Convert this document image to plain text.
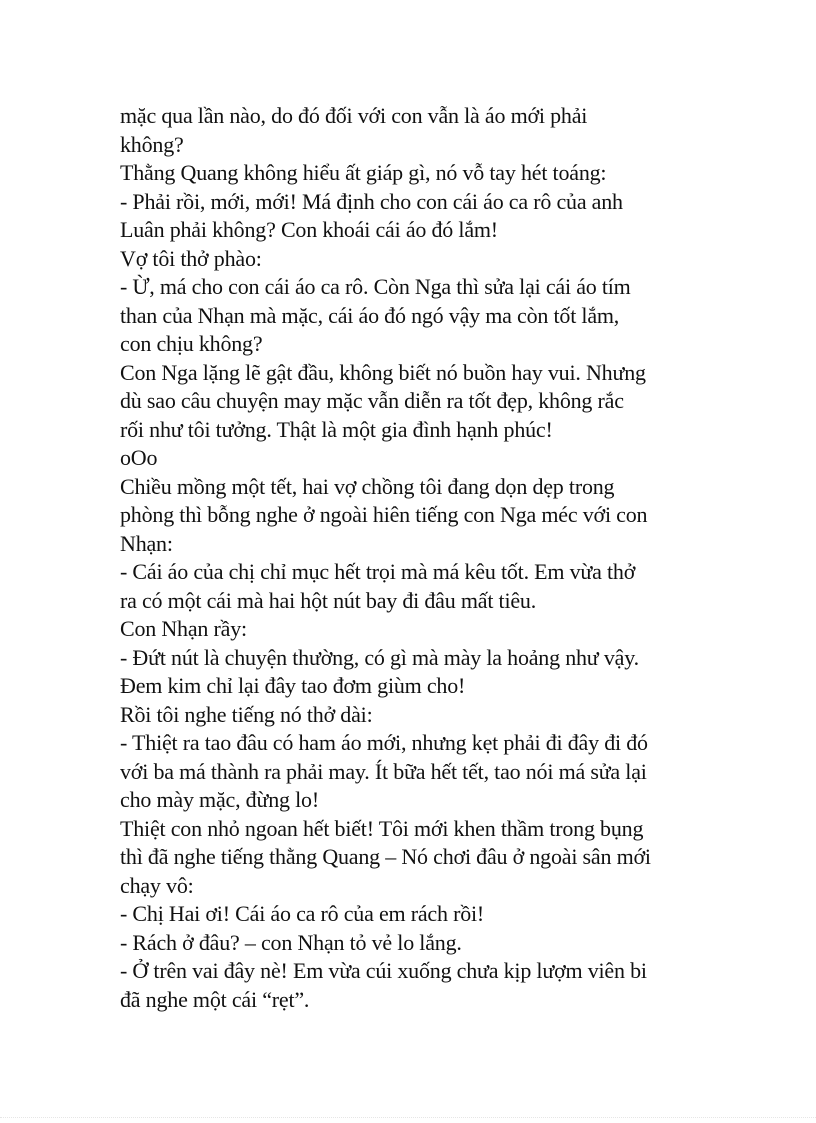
mặc qua lần nào, do đó đối với con vẫn là áo mới phải
không?
Thằng Quang không hiểu ất giáp gì, nó vỗ tay hét toáng:
- Phải rồi, mới, mới! Má định cho con cái áo ca rô của anh
Luân phải không? Con khoái cái áo đó lắm!
Vợ tôi thở phào:
- Ừ, má cho con cái áo ca rô. Còn Nga thì sửa lại cái áo tím
than của Nhạn mà mặc, cái áo đó ngó vậy ma còn tốt lắm,
con chịu không?
Con Nga lặng lẽ gật đầu, không biết nó buồn hay vui. Nhưng
dù sao câu chuyện may mặc vẫn diễn ra tốt đẹp, không rắc
rối như tôi tưởng. Thật là một gia đình hạnh phúc!
oOo
Chiều mồng một tết, hai vợ chồng tôi đang dọn dẹp trong
phòng thì bỗng nghe ở ngoài hiên tiếng con Nga méc với con
Nhạn:
- Cái áo của chị chỉ mục hết trọi mà má kêu tốt. Em vừa thở
ra có một cái mà hai hột nút bay đi đâu mất tiêu.
Con Nhạn rầy:
- Đứt nút là chuyện thường, có gì mà mày la hoảng như vậy.
Đem kim chỉ lại đây tao đơm giùm cho!
Rồi tôi nghe tiếng nó thở dài:
- Thiệt ra tao đâu có ham áo mới, nhưng kẹt phải đi đây đi đó
với ba má thành ra phải may. Ít bữa hết tết, tao nói má sửa lại
cho mày mặc, đừng lo!
Thiệt con nhỏ ngoan hết biết! Tôi mới khen thầm trong bụng
thì đã nghe tiếng thằng Quang – Nó chơi đâu ở ngoài sân mới
chạy vô:
- Chị Hai ơi! Cái áo ca rô của em rách rồi!
- Rách ở đâu? – con Nhạn tỏ vẻ lo lắng.
- Ở trên vai đây nè! Em vừa cúi xuống chưa kịp lượm viên bi
đã nghe một cái “rẹt”.
